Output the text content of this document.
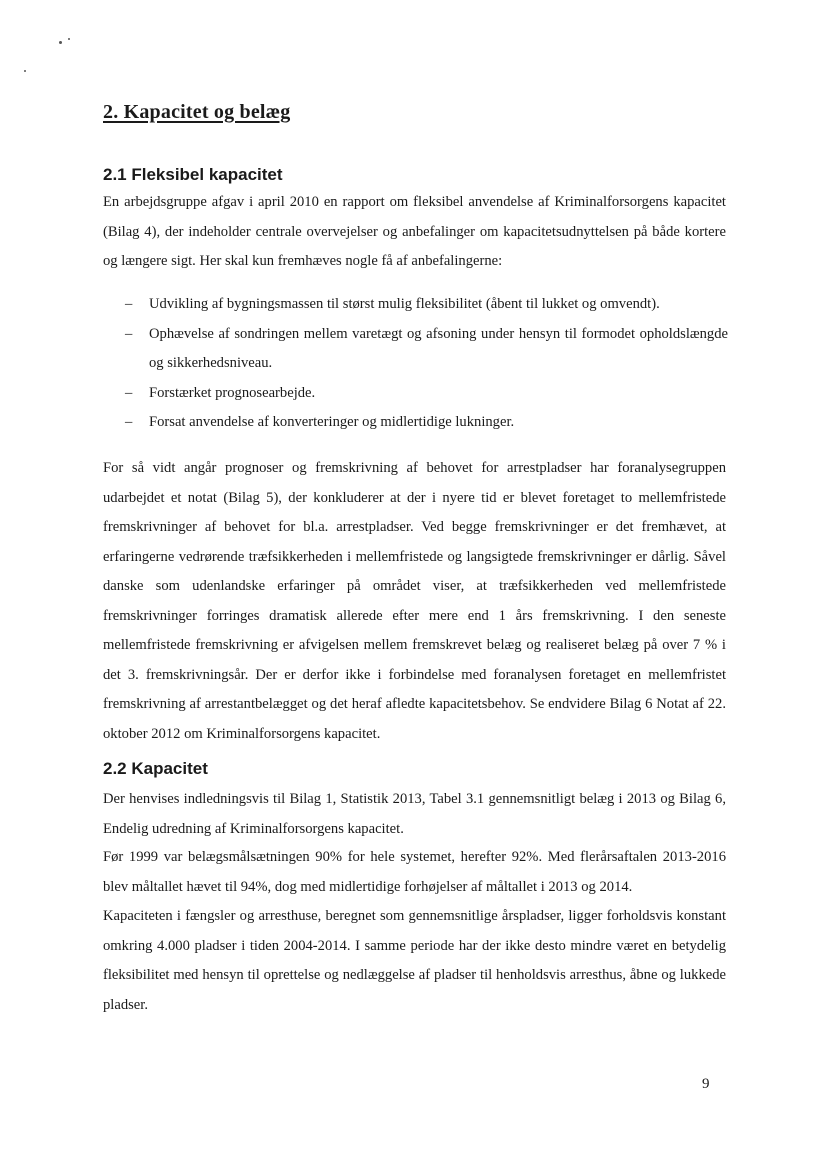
2. Kapacitet og belæg
2.1 Fleksibel kapacitet

En arbejdsgruppe afgav i april 2010 en rapport om fleksibel anvendelse af Kriminalforsorgens kapacitet (Bilag 4), der indeholder centrale overvejelser og anbefalinger om kapacitetsudnyttelsen på både kortere og længere sigt. Her skal kun fremhæves nogle få af anbefalingerne:

– Udvikling af bygningsmassen til størst mulig fleksibilitet (åbent til lukket og omvendt).
– Ophævelse af sondringen mellem varetægt og afsoning under hensyn til formodet opholdslængde og sikkerhedsniveau.
– Forstærket prognosearbejde.
– Forsat anvendelse af konverteringer og midlertidige lukninger.

For så vidt angår prognoser og fremskrivning af behovet for arrestpladser har foranalysegruppen udarbejdet et notat (Bilag 5), der konkluderer at der i nyere tid er blevet foretaget to mellemfristede fremskrivninger af behovet for bl.a. arrestpladser. Ved begge fremskrivninger er det fremhævet, at erfaringerne vedrørende træfsikkerheden i mellemfristede og langsigtede fremskrivninger er dårlig. Såvel danske som udenlandske erfaringer på området viser, at træfsikkerheden ved mellemfristede fremskrivninger forringes dramatisk allerede efter mere end 1 års fremskrivning. I den seneste mellemfristede fremskrivning er afvigelsen mellem fremskrevet belæg og realiseret belæg på over 7 % i det 3. fremskrivningsår. Der er derfor ikke i forbindelse med foranalysen foretaget en mellemfristet fremskrivning af arrestantbelægget og det heraf afledte kapacitetsbehov. Se endvidere Bilag 6 Notat af 22. oktober 2012 om Kriminalforsorgens kapacitet.

2.2 Kapacitet

Der henvises indledningsvis til Bilag 1, Statistik 2013, Tabel 3.1 gennemsnitligt belæg i 2013 og Bilag 6, Endelig udredning af Kriminalforsorgens kapacitet.

Før 1999 var belægsmålsætningen 90% for hele systemet, herefter 92%. Med flerårsaftalen 2013-2016 blev måltallet hævet til 94%, dog med midlertidige forhøjelser af måltallet i 2013 og 2014.

Kapaciteten i fængsler og arresthuse, beregnet som gennemsnitlige årspladser, ligger forholdsvis konstant omkring 4.000 pladser i tiden 2004-2014. I samme periode har der ikke desto mindre været en betydelig fleksibilitet med hensyn til oprettelse og nedlæggelse af pladser til henholdsvis arresthus, åbne og lukkede pladser.

9
